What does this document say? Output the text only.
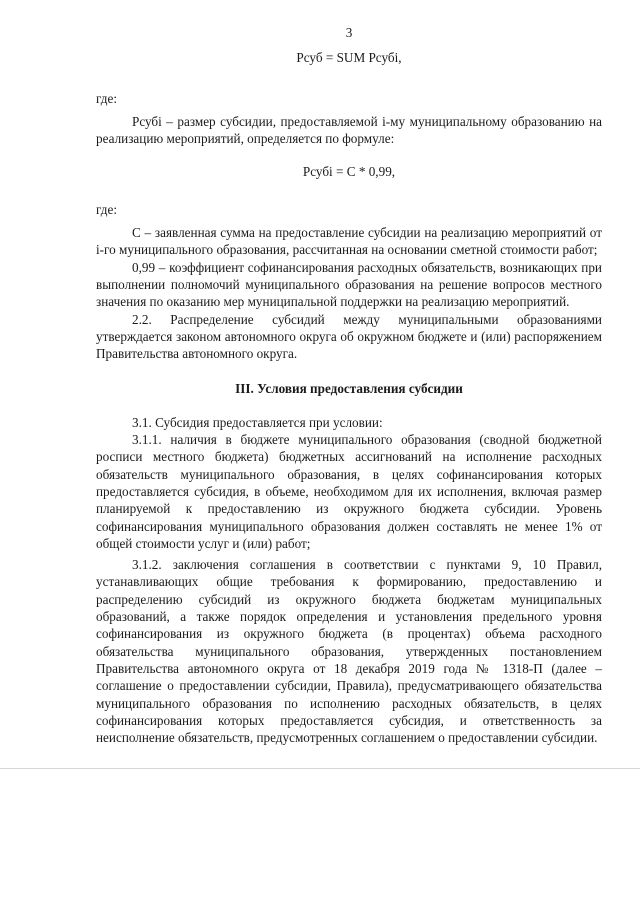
3

Рсуб = SUM Рсубi,

где:

Рсубi – размер субсидии, предоставляемой i-му муниципальному образованию на реализацию мероприятий, определяется по формуле:

Рсубi = С * 0,99,

где:

С – заявленная сумма на предоставление субсидии на реализацию мероприятий от i-го муниципального образования, рассчитанная на основании сметной стоимости работ;

0,99 – коэффициент софинансирования расходных обязательств, возникающих при выполнении полномочий муниципального образования на решение вопросов местного значения по оказанию мер муниципальной поддержки на реализацию мероприятий.

2.2. Распределение субсидий между муниципальными образованиями утверждается законом автономного округа об окружном бюджете и (или) распоряжением Правительства автономного округа.

III. Условия предоставления субсидии

3.1. Субсидия предоставляется при условии:

3.1.1. наличия в бюджете муниципального образования (сводной бюджетной росписи местного бюджета) бюджетных ассигнований на исполнение расходных обязательств муниципального образования, в целях софинансирования которых предоставляется субсидия, в объеме, необходимом для их исполнения, включая размер планируемой к предоставлению из окружного бюджета субсидии. Уровень софинансирования муниципального образования должен составлять не менее 1% от общей стоимости услуг и (или) работ;

3.1.2. заключения соглашения в соответствии с пунктами 9, 10 Правил, устанавливающих общие требования к формированию, предоставлению и распределению субсидий из окружного бюджета бюджетам муниципальных образований, а также порядок определения и установления предельного уровня софинансирования из окружного бюджета (в процентах) объема расходного обязательства муниципального образования, утвержденных постановлением Правительства автономного округа от 18 декабря 2019 года № 1318-П (далее – соглашение о предоставлении субсидии, Правила), предусматривающего обязательства муниципального образования по исполнению расходных обязательств, в целях софинансирования которых предоставляется субсидия, и ответственность за неисполнение обязательств, предусмотренных соглашением о предоставлении субсидии.
